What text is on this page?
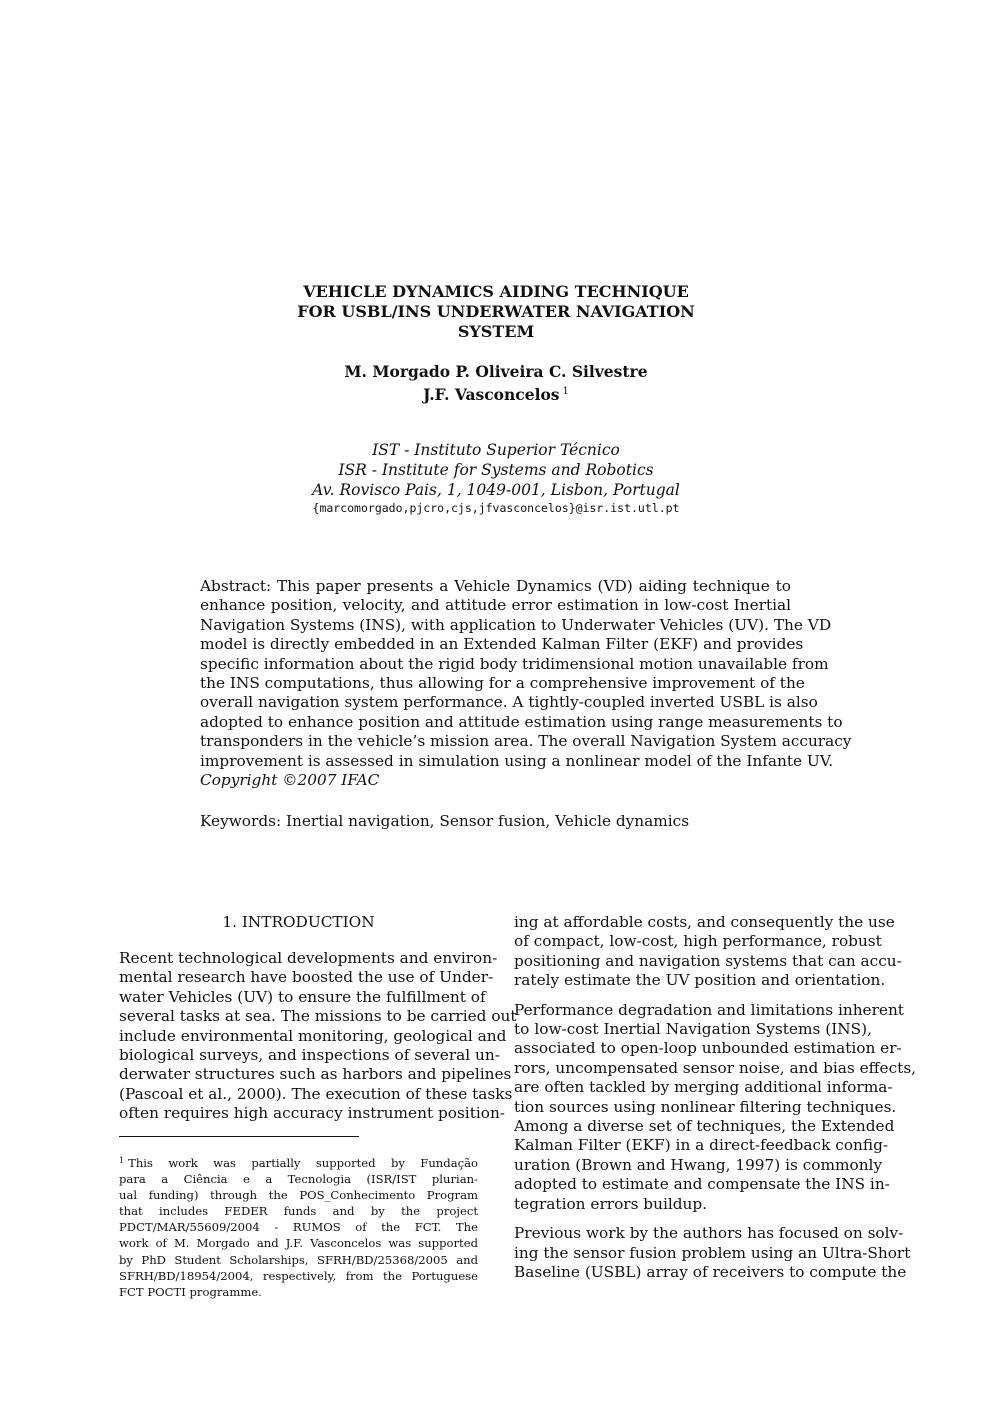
VEHICLE DYNAMICS AIDING TECHNIQUE
FOR USBL/INS UNDERWATER NAVIGATION
SYSTEM
M. Morgado P. Oliveira C. Silvestre
J.F. Vasconcelos $^1$
IST - Instituto Superior Técnico
ISR - Institute for Systems and Robotics
Av. Rovisco Pais, 1, 1049-001, Lisbon, Portugal
{marcomorgado,pjcro,cjs,jfvasconcelos}@isr.ist.utl.pt
Abstract: This paper presents a Vehicle Dynamics (VD) aiding technique to
enhance position, velocity, and attitude error estimation in low-cost Inertial
Navigation Systems (INS), with application to Underwater Vehicles (UV). The VD
model is directly embedded in an Extended Kalman Filter (EKF) and provides
specific information about the rigid body tridimensional motion unavailable from
the INS computations, thus allowing for a comprehensive improvement of the
overall navigation system performance. A tightly-coupled inverted USBL is also
adopted to enhance position and attitude estimation using range measurements to
transponders in the vehicle’s mission area. The overall Navigation System accuracy
improvement is assessed in simulation using a nonlinear model of the Infante UV.
Copyright ©2007 IFAC
Keywords: Inertial navigation, Sensor fusion, Vehicle dynamics
1. INTRODUCTION
Recent technological developments and environ-
mental research have boosted the use of Under-
water Vehicles (UV) to ensure the fulfillment of
several tasks at sea. The missions to be carried out
include environmental monitoring, geological and
biological surveys, and inspections of several un-
derwater structures such as harbors and pipelines
(Pascoal et al., 2000). The execution of these tasks
often requires high accuracy instrument position-
$^1$ This work was partially supported by Fundação
para a Ciência e a Tecnologia (ISR/IST plurian-
ual funding) through the POS_Conhecimento Program
that includes FEDER funds and by the project
PDCT/MAR/55609/2004 - RUMOS of the FCT. The
work of M. Morgado and J.F. Vasconcelos was supported
by PhD Student Scholarships, SFRH/BD/25368/2005 and
SFRH/BD/18954/2004, respectively, from the Portuguese
FCT POCTI programme.
ing at affordable costs, and consequently the use
of compact, low-cost, high performance, robust
positioning and navigation systems that can accu-
rately estimate the UV position and orientation.
Performance degradation and limitations inherent
to low-cost Inertial Navigation Systems (INS),
associated to open-loop unbounded estimation er-
rors, uncompensated sensor noise, and bias effects,
are often tackled by merging additional informa-
tion sources using nonlinear filtering techniques.
Among a diverse set of techniques, the Extended
Kalman Filter (EKF) in a direct-feedback config-
uration (Brown and Hwang, 1997) is commonly
adopted to estimate and compensate the INS in-
tegration errors buildup.
Previous work by the authors has focused on solv-
ing the sensor fusion problem using an Ultra-Short
Baseline (USBL) array of receivers to compute the
